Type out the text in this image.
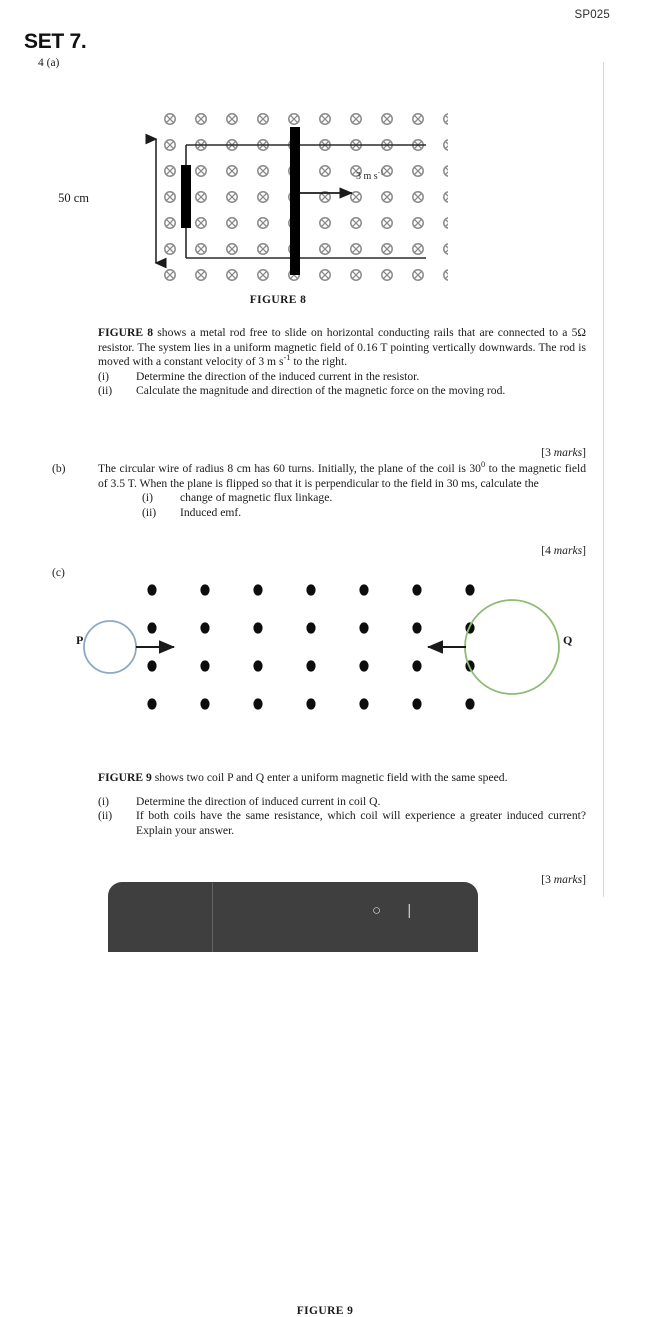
SP025
SET 7.
4 (a)
50 cm
3 m $s^{-1}$
FIGURE 8
FIGURE 8 shows a metal rod free to slide on horizontal conducting rails that are connected to a 5Ω resistor. The system lies in a uniform magnetic field of 0.16 T pointing vertically downwards. The rod is moved with a constant velocity of 3 m $s^{-1}$ to the right.
(i)	Determine the direction of the induced current in the resistor.
(ii)	Calculate the magnitude and direction of the magnetic force on the moving rod.
[3 marks]
(b)	The circular wire of radius 8 cm has 60 turns. Initially, the plane of the coil is $30^0$ to the magnetic field of 3.5 T. When the plane is flipped so that it is perpendicular to the field in 30 ms, calculate the
(i)	change of magnetic flux linkage.
(ii)	Induced emf.
[4 marks]
(c)
P	Q
FIGURE 9
FIGURE 9 shows two coil P and Q enter a uniform magnetic field with the same speed.
(i)	Determine the direction of induced current in coil Q.
(ii)	If both coils have the same resistance, which coil will experience a greater induced current? Explain your answer.
[3 marks]
○  |
